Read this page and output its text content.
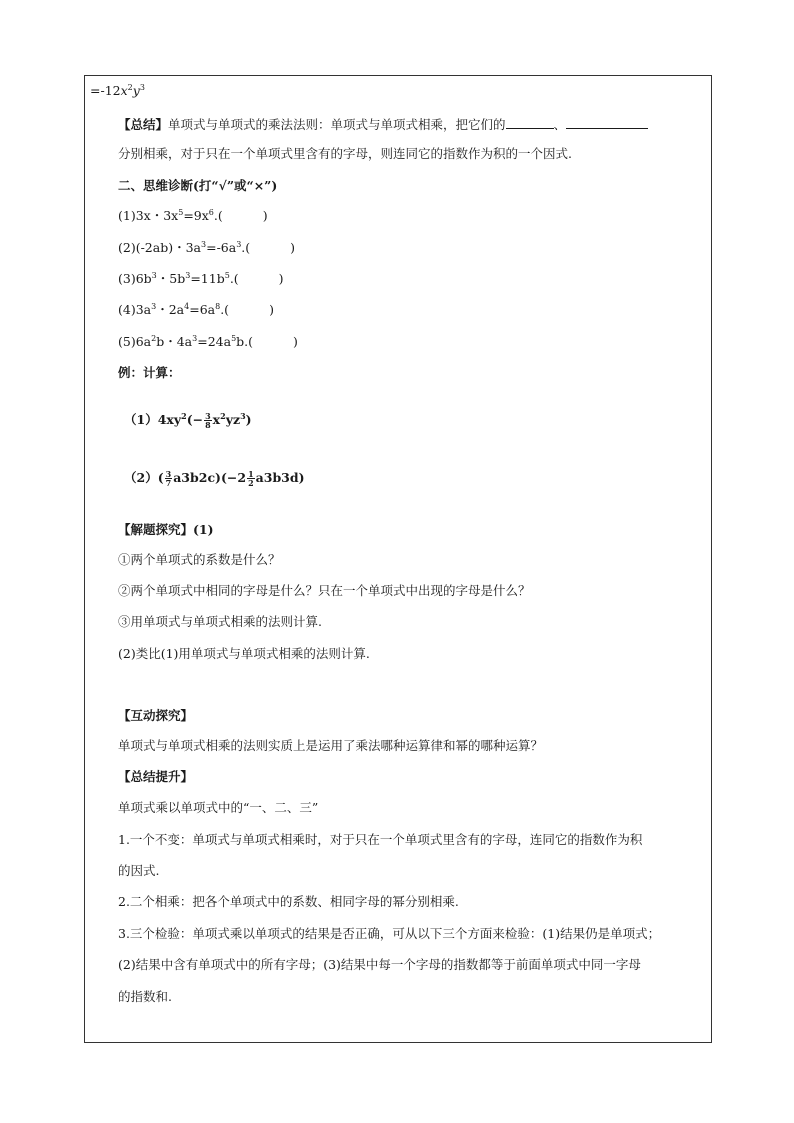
$=-12x^2y^3$
【总结】单项式与单项式的乘法法则：单项式与单项式相乘，把它们的	、
分别相乘，对于只在一个单项式里含有的字母，则连同它的指数作为积的一个因式.
二、思维诊断(打“√”或“×”)
(1)3x・$3x^5=9x^6$.(	)
(2)(-2ab)・$3a^3=-6a^3$.(	)
$(3)6b^3$・$5b^3=11b^5$.(	)
$(4)3a^3$・$2a^4=6a^8$.(	)
$(5)6a^2b$・$4a^3=24a^5b$.(	)
例：计算：
$(1)4xy^2(- \frac{3}{8} x^2yz^3)$
$(2)( \frac{3}{7} a3b2c)(-2 \frac{1}{2} a3b3d)$
【解题探究】(1)
①两个单项式的系数是什么？
②两个单项式中相同的字母是什么？只在一个单项式中出现的字母是什么？
③用单项式与单项式相乘的法则计算.
(2)类比(1)用单项式与单项式相乘的法则计算.
【互动探究】
单项式与单项式相乘的法则实质上是运用了乘法哪种运算律和幂的哪种运算？
【总结提升】
单项式乘以单项式中的“一、二、三”
1.一个不变：单项式与单项式相乘时，对于只在一个单项式里含有的字母，连同它的指数作为积
的因式.
2.二个相乘：把各个单项式中的系数、相同字母的幂分别相乘.
3.三个检验：单项式乘以单项式的结果是否正确，可从以下三个方面来检验：(1)结果仍是单项式；
(2)结果中含有单项式中的所有字母；(3)结果中每一个字母的指数都等于前面单项式中同一字母
的指数和.
